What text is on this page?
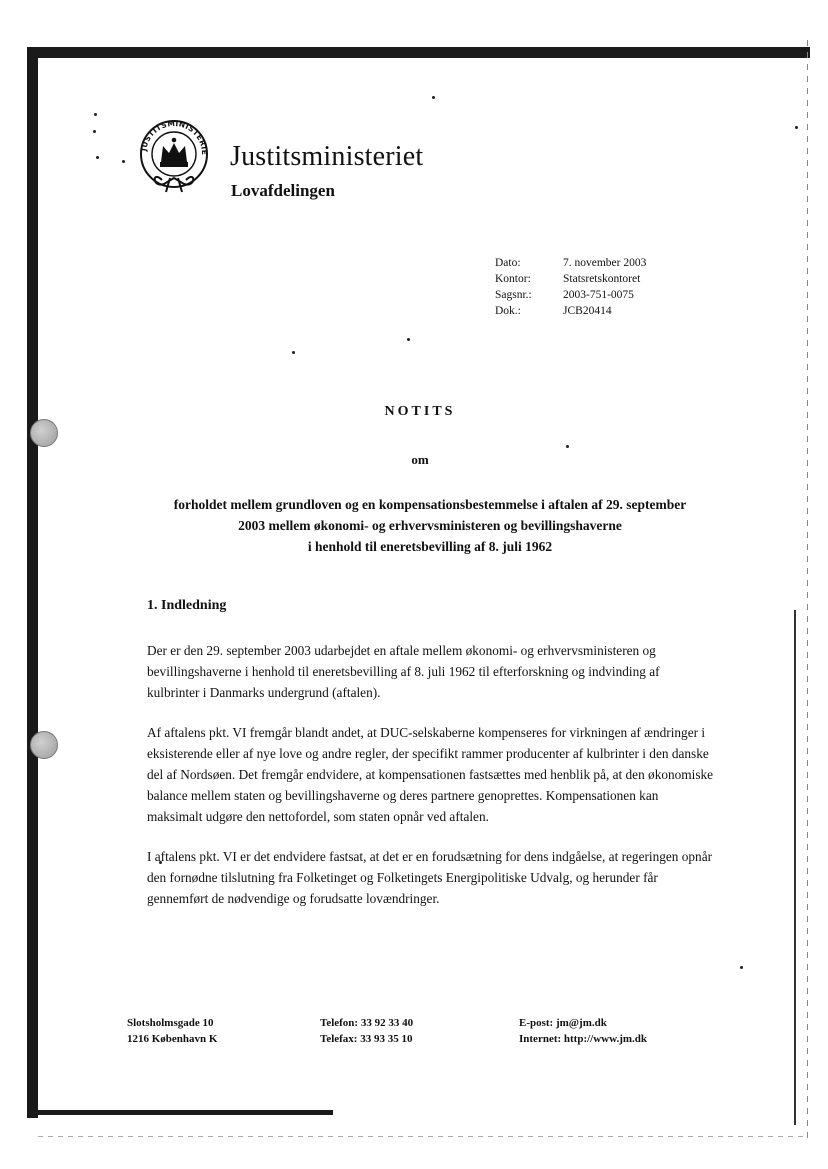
JUSTITSMINISTERIE Justitsministeriet
Lovafdelingen
Dato:	7. november 2003
Kontor:	Statsretskontoret
Sagsnr.:	2003-751-0075
Dok.:	JCB20414
NOTITS
om
forholdet mellem grundloven og en kompensationsbestemmelse i aftalen af 29. september
2003 mellem økonomi- og erhvervsministeren og bevillingshaverne
i henhold til eneretsbevilling af 8. juli 1962
1. Indledning

Der er den 29. september 2003 udarbejdet en aftale mellem økonomi- og erhvervsministeren og bevillingshaverne i henhold til eneretsbevilling af 8. juli 1962 til efterforskning og indvinding af kulbrinter i Danmarks undergrund (aftalen).

Af aftalens pkt. VI fremgår blandt andet, at DUC-selskaberne kompenseres for virkningen af ændringer i eksisterende eller af nye love og andre regler, der specifikt rammer producenter af kulbrinter i den danske del af Nordsøen. Det fremgår endvidere, at kompensationen fastsættes med henblik på, at den økonomiske balance mellem staten og bevillingshaverne og deres partnere genoprettes. Kompensationen kan maksimalt udgøre den nettofordel, som staten opnår ved aftalen.

I aftalens pkt. VI er det endvidere fastsat, at det er en forudsætning for dens indgåelse, at regeringen opnår den fornødne tilslutning fra Folketinget og Folketingets Energipolitiske Udvalg, og herunder får gennemført de nødvendige og forudsatte lovændringer.

Slotsholmsgade 10
1216 København K
Telefon: 33 92 33 40
Telefax: 33 93 35 10
E-post: jm@jm.dk
Internet: http://www.jm.dk
